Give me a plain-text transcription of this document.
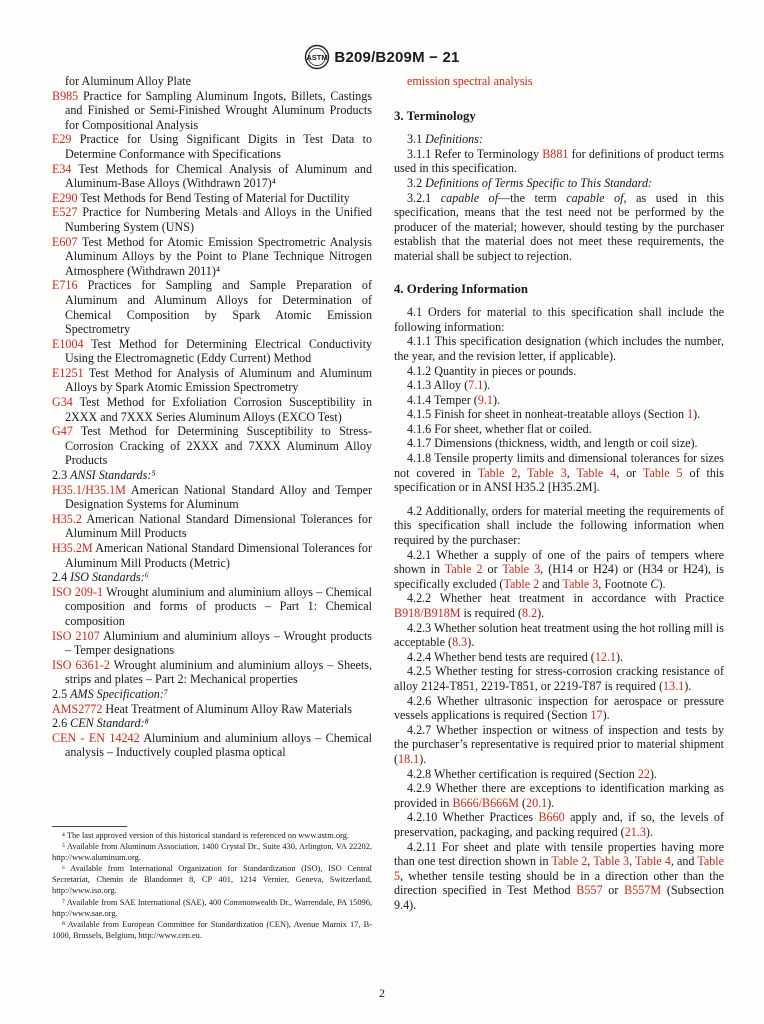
ASTM B209/B209M − 21

for Aluminum Alloy Plate

B985 Practice for Sampling Aluminum Ingots, Billets, Castings and Finished or Semi-Finished Wrought Aluminum Products for Compositional Analysis

E29 Practice for Using Significant Digits in Test Data to Determine Conformance with Specifications

E34 Test Methods for Chemical Analysis of Aluminum and Aluminum-Base Alloys (Withdrawn 2017)⁴

E290 Test Methods for Bend Testing of Material for Ductility

E527 Practice for Numbering Metals and Alloys in the Unified Numbering System (UNS)

E607 Test Method for Atomic Emission Spectrometric Analysis Aluminum Alloys by the Point to Plane Technique Nitrogen Atmosphere (Withdrawn 2011)⁴

E716 Practices for Sampling and Sample Preparation of Aluminum and Aluminum Alloys for Determination of Chemical Composition by Spark Atomic Emission Spectrometry

E1004 Test Method for Determining Electrical Conductivity Using the Electromagnetic (Eddy Current) Method

E1251 Test Method for Analysis of Aluminum and Aluminum Alloys by Spark Atomic Emission Spectrometry

G34 Test Method for Exfoliation Corrosion Susceptibility in 2XXX and 7XXX Series Aluminum Alloys (EXCO Test)

G47 Test Method for Determining Susceptibility to Stress-Corrosion Cracking of 2XXX and 7XXX Aluminum Alloy Products

2.3 ANSI Standards:⁵

H35.1/H35.1M American National Standard Alloy and Temper Designation Systems for Aluminum

H35.2 American National Standard Dimensional Tolerances for Aluminum Mill Products

H35.2M American National Standard Dimensional Tolerances for Aluminum Mill Products (Metric)

2.4 ISO Standards:⁶

ISO 209-1 Wrought aluminium and aluminium alloys – Chemical composition and forms of products – Part 1: Chemical composition

ISO 2107 Aluminium and aluminium alloys – Wrought products – Temper designations

ISO 6361-2 Wrought aluminium and aluminium alloys – Sheets, strips and plates – Part 2: Mechanical properties

2.5 AMS Specification:⁷

AMS2772 Heat Treatment of Aluminum Alloy Raw Materials

2.6 CEN Standard:⁸

CEN - EN 14242 Aluminium and aluminium alloys – Chemical analysis – Inductively coupled plasma optical

emission spectral analysis

3. Terminology

3.1 Definitions:

3.1.1 Refer to Terminology B881 for definitions of product terms used in this specification.

3.2 Definitions of Terms Specific to This Standard:

3.2.1 capable of—the term capable of, as used in this specification, means that the test need not be performed by the producer of the material; however, should testing by the purchaser establish that the material does not meet these requirements, the material shall be subject to rejection.

4. Ordering Information

4.1 Orders for material to this specification shall include the following information:

4.1.1 This specification designation (which includes the number, the year, and the revision letter, if applicable).

4.1.2 Quantity in pieces or pounds.

4.1.3 Alloy (7.1).

4.1.4 Temper (9.1).

4.1.5 Finish for sheet in nonheat-treatable alloys (Section 1).

4.1.6 For sheet, whether flat or coiled.

4.1.7 Dimensions (thickness, width, and length or coil size).

4.1.8 Tensile property limits and dimensional tolerances for sizes not covered in Table 2, Table 3, Table 4, or Table 5 of this specification or in ANSI H35.2 [H35.2M].

4.2 Additionally, orders for material meeting the requirements of this specification shall include the following information when required by the purchaser:

4.2.1 Whether a supply of one of the pairs of tempers where shown in Table 2 or Table 3, (H14 or H24) or (H34 or H24), is specifically excluded (Table 2 and Table 3, Footnote C).

4.2.2 Whether heat treatment in accordance with Practice B918/B918M is required (8.2).

4.2.3 Whether solution heat treatment using the hot rolling mill is acceptable (8.3).

4.2.4 Whether bend tests are required (12.1).

4.2.5 Whether testing for stress-corrosion cracking resistance of alloy 2124-T851, 2219-T851, or 2219-T87 is required (13.1).

4.2.6 Whether ultrasonic inspection for aerospace or pressure vessels applications is required (Section 17).

4.2.7 Whether inspection or witness of inspection and tests by the purchaser’s representative is required prior to material shipment (18.1).

4.2.8 Whether certification is required (Section 22).

4.2.9 Whether there are exceptions to identification marking as provided in B666/B666M (20.1).

4.2.10 Whether Practices B660 apply and, if so, the levels of preservation, packaging, and packing required (21.3).

4.2.11 For sheet and plate with tensile properties having more than one test direction shown in Table 2, Table 3, Table 4, and Table 5, whether tensile testing should be in a direction other than the direction specified in Test Method B557 or B557M (Subsection 9.4).

⁴ The last approved version of this historical standard is referenced on www.astm.org.

⁵ Available from Aluminum Association, 1400 Crystal Dr., Suite 430, Arlington, VA 22202, http://www.aluminum.org.

⁶ Available from International Organization for Standardization (ISO), ISO Central Secretariat, Chemin de Blandonnet 8, CP 401, 1214 Vernier, Geneva, Switzerland, http://www.iso.org.

⁷ Available from SAE International (SAE), 400 Commonwealth Dr., Warrendale, PA 15096, http://www.sae.org.

⁸ Available from European Committee for Standardization (CEN), Avenue Marnix 17, B-1000, Brussels, Belgium, http://www.cen.eu.

2
